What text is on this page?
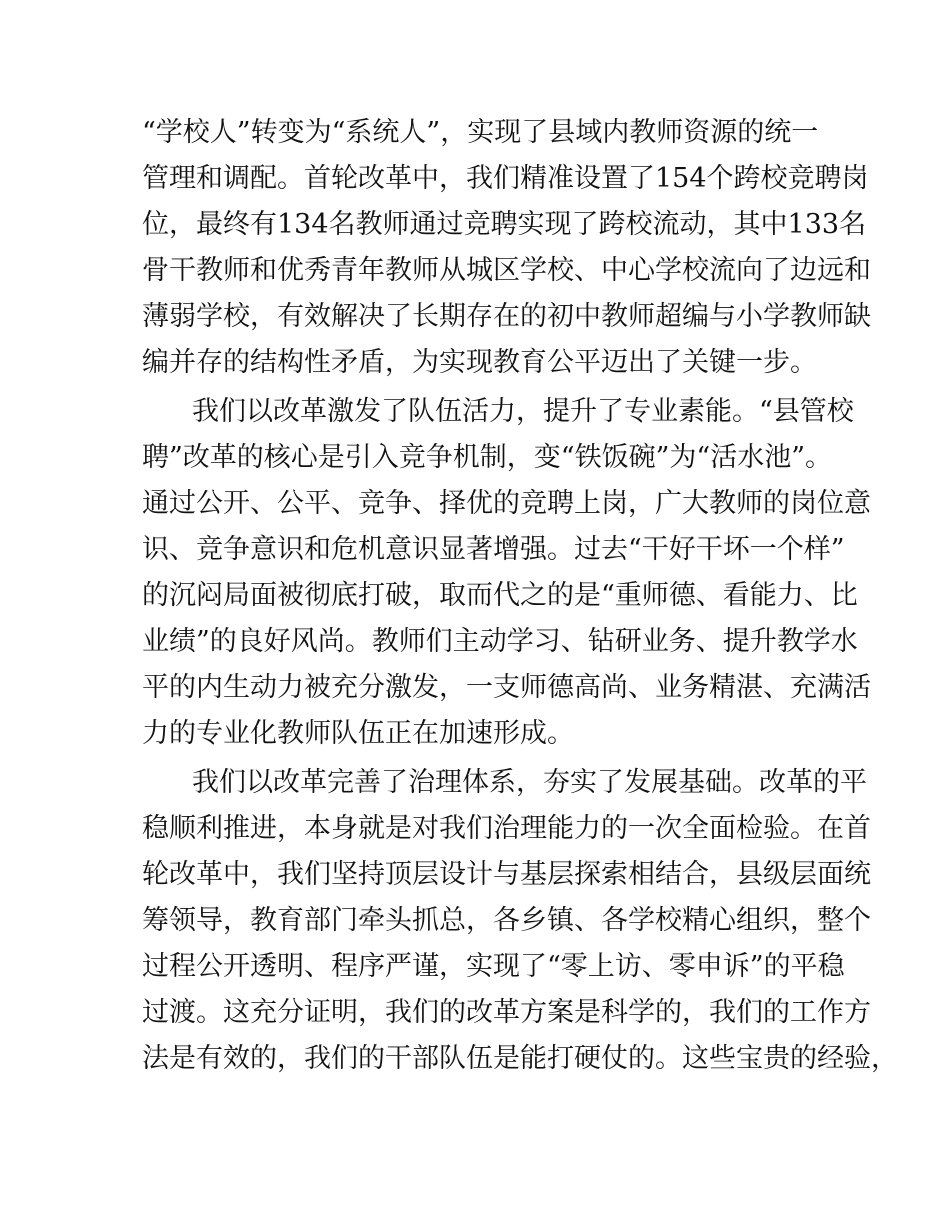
“学校人”转变为“系统人”，实现了县域内教师资源的统一
管理和调配。首轮改革中，我们精准设置了154个跨校竞聘岗
位，最终有134名教师通过竞聘实现了跨校流动，其中133名
骨干教师和优秀青年教师从城区学校、中心学校流向了边远和
薄弱学校，有效解决了长期存在的初中教师超编与小学教师缺
编并存的结构性矛盾，为实现教育公平迈出了关键一步。
我们以改革激发了队伍活力，提升了专业素能。“县管校
聘”改革的核心是引入竞争机制，变“铁饭碗”为“活水池”。
通过公开、公平、竞争、择优的竞聘上岗，广大教师的岗位意
识、竞争意识和危机意识显著增强。过去“干好干坏一个样”
的沉闷局面被彻底打破，取而代之的是“重师德、看能力、比
业绩”的良好风尚。教师们主动学习、钻研业务、提升教学水
平的内生动力被充分激发，一支师德高尚、业务精湛、充满活
力的专业化教师队伍正在加速形成。
我们以改革完善了治理体系，夯实了发展基础。改革的平
稳顺利推进，本身就是对我们治理能力的一次全面检验。在首
轮改革中，我们坚持顶层设计与基层探索相结合，县级层面统
筹领导，教育部门牵头抓总，各乡镇、各学校精心组织，整个
过程公开透明、程序严谨，实现了“零上访、零申诉”的平稳
过渡。这充分证明，我们的改革方案是科学的，我们的工作方
法是有效的，我们的干部队伍是能打硬仗的。这些宝贵的经验，
